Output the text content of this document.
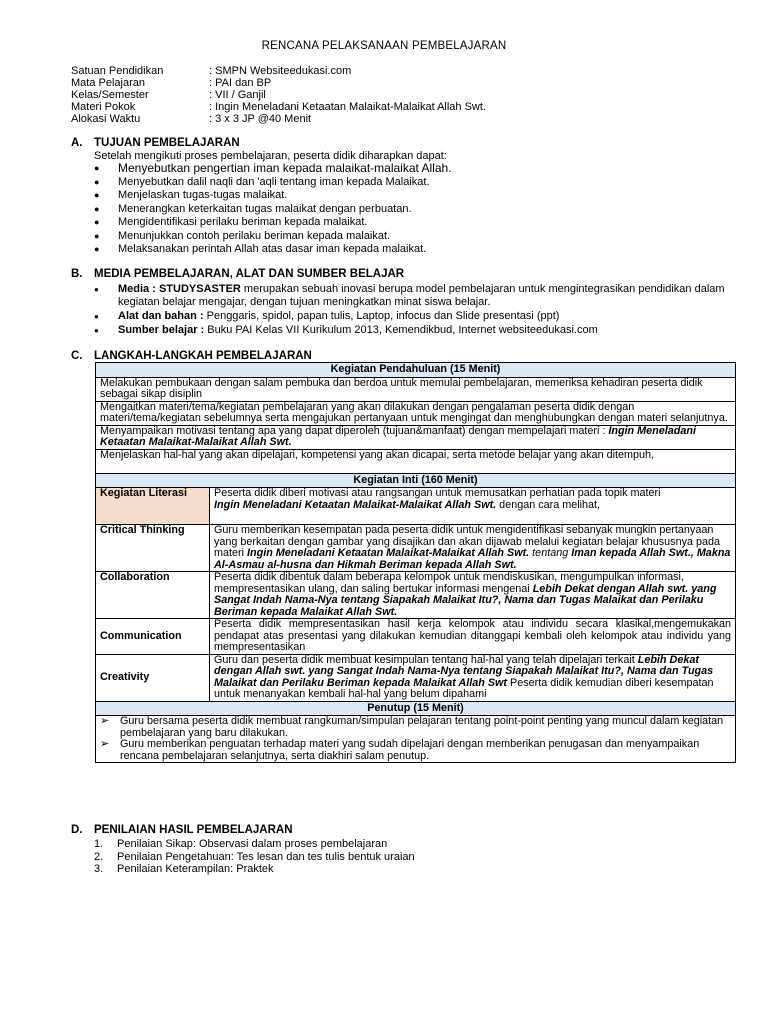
RENCANA PELAKSANAAN PEMBELAJARAN
Satuan Pendidikan	: SMPN Websiteedukasi.com
Mata Pelajaran	: PAI dan BP
Kelas/Semester	: VII / Ganjil
Materi Pokok	: Ingin Meneladani Ketaatan Malaikat-Malaikat Allah Swt.
Alokasi Waktu	: 3 x 3 JP @40 Menit
A. TUJUAN PEMBELAJARAN
Setelah mengikuti proses pembelajaran, peserta didik diharapkan dapat:
● Menyebutkan pengertian iman kepada malaikat-malaikat Allah.
● Menyebutkan dalil naqli dan 'aqli tentang iman kepada Malaikat.
● Menjelaskan tugas-tugas malaikat.
● Menerangkan keterkaitan tugas malaikat dengan perbuatan.
● Mengidentifikasi perilaku beriman kepada malaikat.
● Menunjukkan contoh perilaku beriman kepada malaikat.
● Melaksanakan perintah Allah atas dasar iman kepada malaikat.
B. MEDIA PEMBELAJARAN, ALAT DAN SUMBER BELAJAR
● Media : STUDYSASTER merupakan sebuah inovasi berupa model pembelajaran untuk mengintegrasikan pendidikan dalam kegiatan belajar mengajar, dengan tujuan meningkatkan minat siswa belajar.
● Alat dan bahan : Penggaris, spidol, papan tulis, Laptop, infocus dan Slide presentasi (ppt)
● Sumber belajar : Buku PAI Kelas VII Kurikulum 2013, Kemendikbud, Internet websiteedukasi.com
C. LANGKAH-LANGKAH PEMBELAJARAN
Kegiatan Pendahuluan (15 Menit)	
Melakukan pembukaan dengan salam pembuka dan berdoa untuk memulai pembelajaran, memeriksa kehadiran peserta didik sebagai sikap disiplin	
Mengaitkan materi/tema/kegiatan pembelajaran yang akan dilakukan dengan pengalaman peserta didik dengan materi/tema/kegiatan sebelumnya serta mengajukan pertanyaan untuk mengingat dan menghubungkan dengan materi selanjutnya.	
Menyampaikan motivasi tentang apa yang dapat diperoleh (tujuan&manfaat) dengan mempelajari materi : Ingin Meneladani Ketaatan Malaikat-Malaikat Allah Swt.	
Menjelaskan hal-hal yang akan dipelajari, kompetensi yang akan dicapai, serta metode belajar yang akan ditempuh,	
Kegiatan Inti (160 Menit)	
Kegiatan Literasi	Peserta didik diberi motivasi atau rangsangan untuk memusatkan perhatian pada topik materi
Ingin Meneladani Ketaatan Malaikat-Malaikat Allah Swt. dengan cara melihat,
Critical Thinking	Guru memberikan kesempatan pada peserta didik untuk mengidentifikasi sebanyak mungkin pertanyaan yang berkaitan dengan gambar yang disajikan dan akan dijawab melalui kegiatan belajar khususnya pada materi Ingin Meneladani Ketaatan Malaikat-Malaikat Allah Swt. tentang Iman kepada Allah Swt., Makna Al-Asmau al-husna dan Hikmah Beriman kepada Allah Swt.
Collaboration	Peserta didik dibentuk dalam beberapa kelompok untuk mendiskusikan, mengumpulkan informasi, mempresentasikan ulang, dan saling bertukar informasi mengenai Lebih Dekat dengan Allah swt. yang Sangat Indah Nama-Nya tentang Siapakah Malaikat Itu?, Nama dan Tugas Malaikat dan Perilaku Beriman kepada Malaikat Allah Swt.
Communication	Peserta didik mempresentasikan hasil kerja kelompok atau individu secara klasikal,mengemukakan pendapat atas presentasi yang dilakukan kemudian ditanggapi kembali oleh kelompok atau individu yang mempresentasikan
Creativity	Guru dan peserta didik membuat kesimpulan tentang hal-hal yang telah dipelajari terkait Lebih Dekat dengan Allah swt. yang Sangat Indah Nama-Nya tentang Siapakah Malaikat Itu?, Nama dan Tugas Malaikat dan Perilaku Beriman kepada Malaikat Allah Swt Peserta didik kemudian diberi kesempatan untuk menanyakan kembali hal-hal yang belum dipahami
Penutup (15 Menit)	

➢ Guru bersama peserta didik membuat rangkuman/simpulan pelajaran tentang point-point penting yang muncul dalam kegiatan pembelajaran yang baru dilakukan.
➢ Guru memberikan penguatan terhadap materi yang sudah dipelajari dengan memberikan penugasan dan menyampaikan rencana pembelajaran selanjutnya, serta diakhiri salam penutup.
D. PENILAIAN HASIL PEMBELAJARAN
1.	Penilaian Sikap: Observasi dalam proses pembelajaran
2.	Penilaian Pengetahuan: Tes lesan dan tes tulis bentuk uraian
3.	Penilaian Keterampilan: Praktek
